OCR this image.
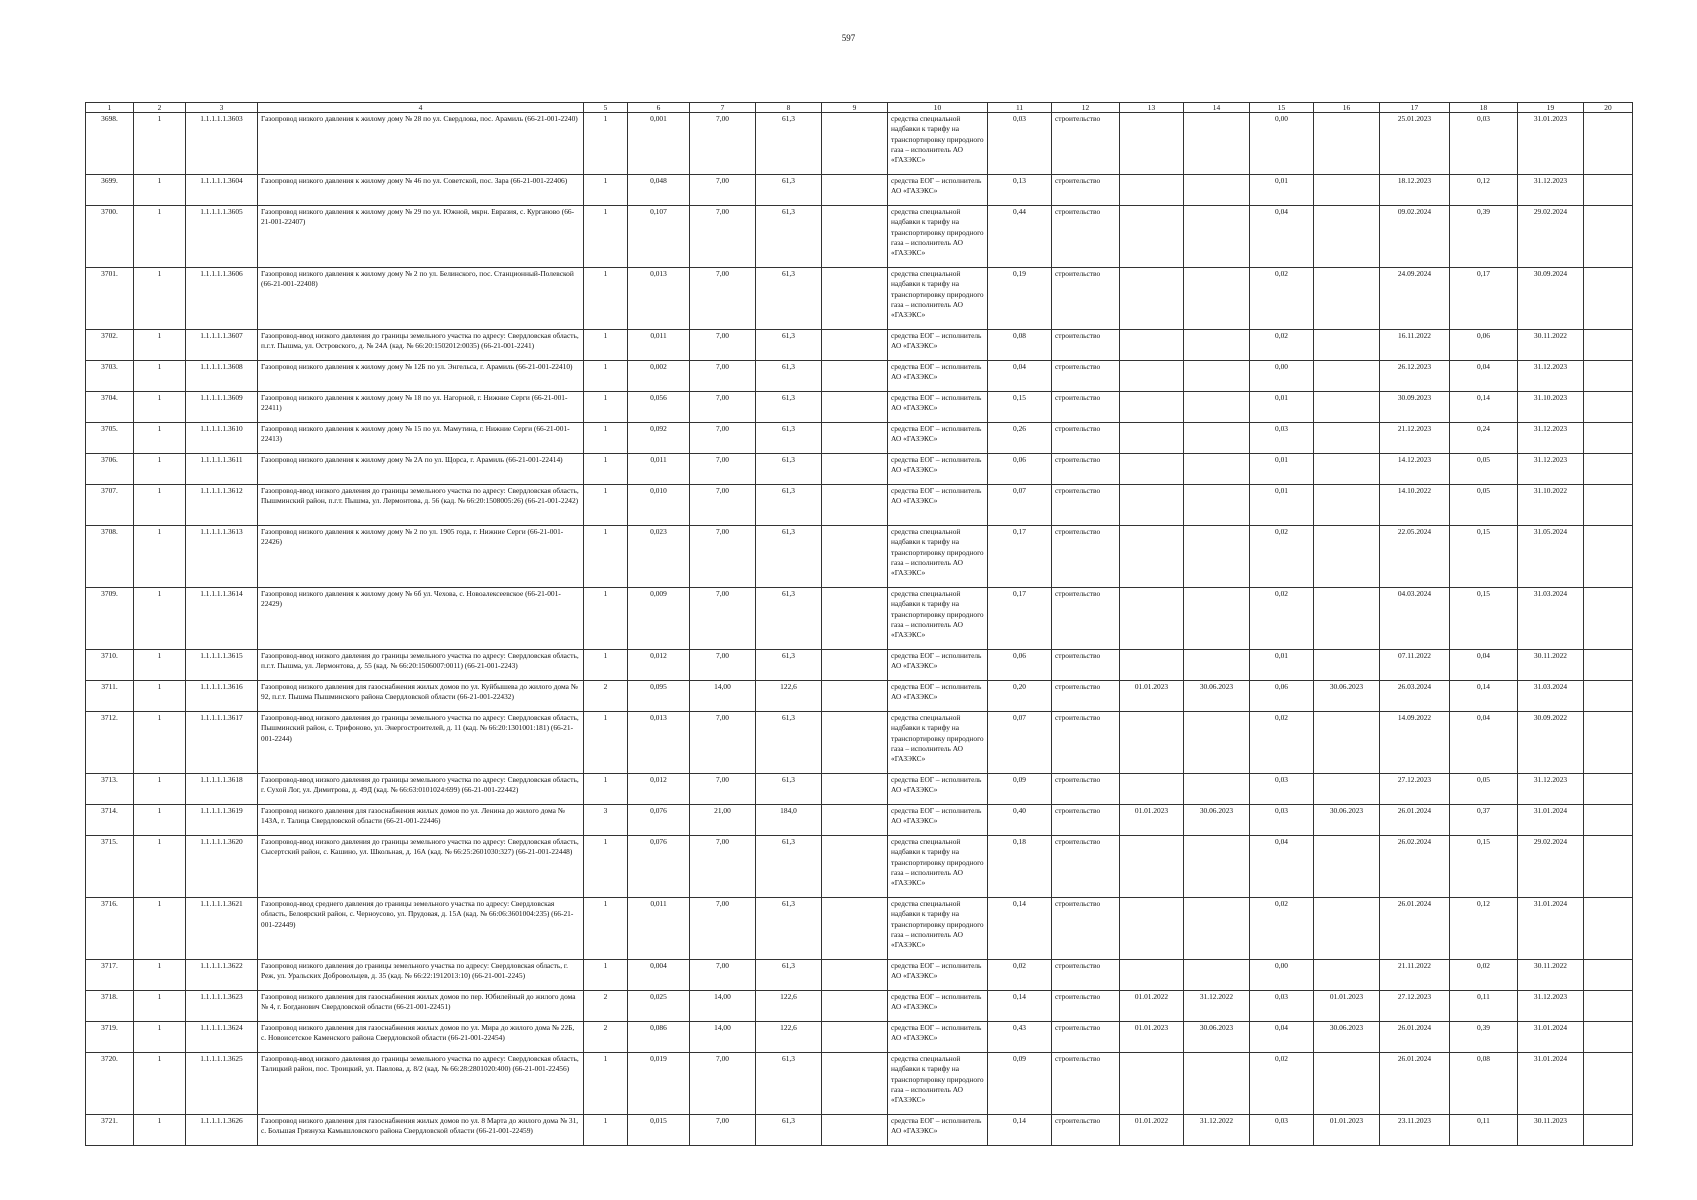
597
1	2	3	4	5	6	7	8	9	10	11	12	13	14	15	16	17	18	19	20
3698.	1	1.1.1.1.1.3603	Газопровод низкого давления к жилому дому № 28 по ул. Свердлова, пос. Арамиль (66-21-001-2240)	1	0,001	7,00	61,3		средства специальной надбавки к тарифу на транспортировку природного газа – исполнитель АО «ГАЗЭКС»	0,03	строительство			0,00		25.01.2023	0,03	31.01.2023	
3699.	1	1.1.1.1.1.3604	Газопровод низкого давления к жилому дому № 46 по ул. Советской, пос. Зара (66-21-001-22406)	1	0,048	7,00	61,3		средства ЕОГ – исполнитель АО «ГАЗЭКС»	0,13	строительство			0,01		18.12.2023	0,12	31.12.2023	
3700.	1	1.1.1.1.1.3605	Газопровод низкого давления к жилому дому № 29 по ул. Южной, мкрн. Евразия, с. Курганово (66-21-001-22407)	1	0,107	7,00	61,3		средства специальной надбавки к тарифу на транспортировку природного газа – исполнитель АО «ГАЗЭКС»	0,44	строительство			0,04		09.02.2024	0,39	29.02.2024	
3701.	1	1.1.1.1.1.3606	Газопровод низкого давления к жилому дому № 2 по ул. Белинского, пос. Станционный-Полевской (66-21-001-22408)	1	0,013	7,00	61,3		средства специальной надбавки к тарифу на транспортировку природного газа – исполнитель АО «ГАЗЭКС»	0,19	строительство			0,02		24.09.2024	0,17	30.09.2024	
3702.	1	1.1.1.1.1.3607	Газопровод-ввод низкого давления до границы земельного участка по адресу: Свердловская область, п.г.т. Пышма, ул. Островского, д. № 24А (кад. № 66:20:1502012:0035) (66-21-001-2241)	1	0,011	7,00	61,3		средства ЕОГ – исполнитель АО «ГАЗЭКС»	0,08	строительство			0,02		16.11.2022	0,06	30.11.2022	
3703.	1	1.1.1.1.1.3608	Газопровод низкого давления к жилому дому № 12Б по ул. Энгельса, г. Арамиль (66-21-001-22410)	1	0,002	7,00	61,3		средства ЕОГ – исполнитель АО «ГАЗЭКС»	0,04	строительство			0,00		26.12.2023	0,04	31.12.2023	
3704.	1	1.1.1.1.1.3609	Газопровод низкого давления к жилому дому № 18 по ул. Нагорной, г. Нижние Серги (66-21-001-22411)	1	0,056	7,00	61,3		средства ЕОГ – исполнитель АО «ГАЗЭКС»	0,15	строительство			0,01		30.09.2023	0,14	31.10.2023	
3705.	1	1.1.1.1.1.3610	Газопровод низкого давления к жилому дому № 15 по ул. Мамутина, г. Нижние Серги (66-21-001-22413)	1	0,092	7,00	61,3		средства ЕОГ – исполнитель АО «ГАЗЭКС»	0,26	строительство			0,03		21.12.2023	0,24	31.12.2023	
3706.	1	1.1.1.1.1.3611	Газопровод низкого давления к жилому дому № 2А по ул. Щорса, г. Арамиль (66-21-001-22414)	1	0,011	7,00	61,3		средства ЕОГ – исполнитель АО «ГАЗЭКС»	0,06	строительство			0,01		14.12.2023	0,05	31.12.2023	
3707.	1	1.1.1.1.1.3612	Газопровод-ввод низкого давления до границы земельного участка по адресу: Свердловская область, Пышминский район, п.г.т. Пышма, ул. Лермонтова, д. 56 (кад. № 66:20:1508005:26) (66-21-001-2242)	1	0,010	7,00	61,3		средства ЕОГ – исполнитель АО «ГАЗЭКС»	0,07	строительство			0,01		14.10.2022	0,05	31.10.2022	
3708.	1	1.1.1.1.1.3613	Газопровод низкого давления к жилому дому № 2 по ул. 1905 года, г. Нижние Серги (66-21-001-22426)	1	0,023	7,00	61,3		средства специальной надбавки к тарифу на транспортировку природного газа – исполнитель АО «ГАЗЭКС»	0,17	строительство			0,02		22.05.2024	0,15	31.05.2024	
3709.	1	1.1.1.1.1.3614	Газопровод низкого давления к жилому дому № 6б ул. Чехова, с. Новоалексеевское (66-21-001-22429)	1	0,009	7,00	61,3		средства специальной надбавки к тарифу на транспортировку природного газа – исполнитель АО «ГАЗЭКС»	0,17	строительство			0,02		04.03.2024	0,15	31.03.2024	
3710.	1	1.1.1.1.1.3615	Газопровод-ввод низкого давления до границы земельного участка по адресу: Свердловская область, п.г.т. Пышма, ул. Лермонтова, д. 55 (кад. № 66:20:1506007:0011) (66-21-001-2243)	1	0,012	7,00	61,3		средства ЕОГ – исполнитель АО «ГАЗЭКС»	0,06	строительство			0,01		07.11.2022	0,04	30.11.2022	
3711.	1	1.1.1.1.1.3616	Газопровод низкого давления для газоснабжения жилых домов по ул. Куйбышева до жилого дома № 92, п.г.т. Пышма Пышминского района Свердловской области (66-21-001-22432)	2	0,095	14,00	122,6		средства ЕОГ – исполнитель АО «ГАЗЭКС»	0,20	строительство	01.01.2023	30.06.2023	0,06	30.06.2023	26.03.2024	0,14	31.03.2024	
3712.	1	1.1.1.1.1.3617	Газопровод-ввод низкого давления до границы земельного участка по адресу: Свердловская область, Пышминский район, с. Трифоново, ул. Энергостроителей, д. 11 (кад. № 66:20:1301001:181) (66-21-001-2244)	1	0,013	7,00	61,3		средства специальной надбавки к тарифу на транспортировку природного газа – исполнитель АО «ГАЗЭКС»	0,07	строительство			0,02		14.09.2022	0,04	30.09.2022	
3713.	1	1.1.1.1.1.3618	Газопровод-ввод низкого давления до границы земельного участка по адресу: Свердловская область, г. Сухой Лог, ул. Димитрова, д. 49Д (кад. № 66:63:0101024:699) (66-21-001-22442)	1	0,012	7,00	61,3		средства ЕОГ – исполнитель АО «ГАЗЭКС»	0,09	строительство			0,03		27.12.2023	0,05	31.12.2023	
3714.	1	1.1.1.1.1.3619	Газопровод низкого давления для газоснабжения жилых домов по ул. Ленина до жилого дома № 143А, г. Талица Свердловской области (66-21-001-22446)	3	0,076	21,00	184,0		средства ЕОГ – исполнитель АО «ГАЗЭКС»	0,40	строительство	01.01.2023	30.06.2023	0,03	30.06.2023	26.01.2024	0,37	31.01.2024	
3715.	1	1.1.1.1.1.3620	Газопровод-ввод низкого давления до границы земельного участка по адресу: Свердловская область, Сысертский район, с. Кашино, ул. Школьная, д. 16А (кад. № 66:25:2601030:327) (66-21-001-22448)	1	0,076	7,00	61,3		средства специальной надбавки к тарифу на транспортировку природного газа – исполнитель АО «ГАЗЭКС»	0,18	строительство			0,04		26.02.2024	0,15	29.02.2024	
3716.	1	1.1.1.1.1.3621	Газопровод-ввод среднего давления до границы земельного участка по адресу: Свердловская область, Белоярский район, с. Черноусово, ул. Прудовая, д. 15А (кад. № 66:06:3601004:235) (66-21-001-22449)	1	0,011	7,00	61,3		средства специальной надбавки к тарифу на транспортировку природного газа – исполнитель АО «ГАЗЭКС»	0,14	строительство			0,02		26.01.2024	0,12	31.01.2024	
3717.	1	1.1.1.1.1.3622	Газопровод низкого давления до границы земельного участка по адресу: Свердловская область, г. Реж, ул. Уральских Добровольцев, д. 35 (кад. № 66:22:1912013:10) (66-21-001-2245)	1	0,004	7,00	61,3		средства ЕОГ – исполнитель АО «ГАЗЭКС»	0,02	строительство			0,00		21.11.2022	0,02	30.11.2022	
3718.	1	1.1.1.1.1.3623	Газопровод низкого давления для газоснабжения жилых домов по пер. Юбилейный до жилого дома № 4, г. Богданович Свердловской области (66-21-001-22451)	2	0,025	14,00	122,6		средства ЕОГ – исполнитель АО «ГАЗЭКС»	0,14	строительство	01.01.2022	31.12.2022	0,03	01.01.2023	27.12.2023	0,11	31.12.2023	
3719.	1	1.1.1.1.1.3624	Газопровод низкого давления для газоснабжения жилых домов по ул. Мира до жилого дома № 22Б, с. Новоисетское Каменского района Свердловской области (66-21-001-22454)	2	0,086	14,00	122,6		средства ЕОГ – исполнитель АО «ГАЗЭКС»	0,43	строительство	01.01.2023	30.06.2023	0,04	30.06.2023	26.01.2024	0,39	31.01.2024	
3720.	1	1.1.1.1.1.3625	Газопровод-ввод низкого давления до границы земельного участка по адресу: Свердловская область, Талицкий район, пос. Троицкий, ул. Павлова, д. 8/2 (кад. № 66:28:2801020:400) (66-21-001-22456)	1	0,019	7,00	61,3		средства специальной надбавки к тарифу на транспортировку природного газа – исполнитель АО «ГАЗЭКС»	0,09	строительство			0,02		26.01.2024	0,08	31.01.2024	
3721.	1	1.1.1.1.1.3626	Газопровод низкого давления для газоснабжения жилых домов по ул. 8 Марта до жилого дома № 31, с. Большая Грязнуха Камышловского района Свердловской области (66-21-001-22459)	1	0,015	7,00	61,3		средства ЕОГ – исполнитель АО «ГАЗЭКС»	0,14	строительство	01.01.2022	31.12.2022	0,03	01.01.2023	23.11.2023	0,11	30.11.2023	
